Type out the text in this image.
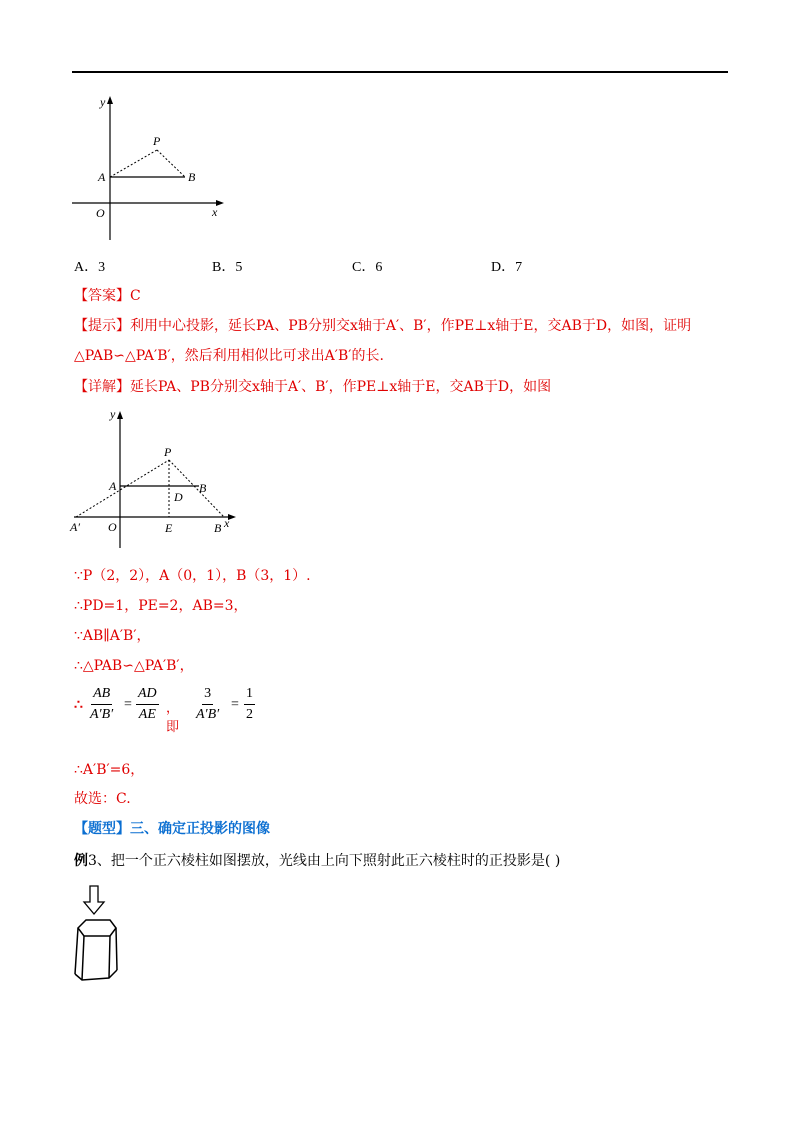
y
P
A	B
O	x
A．3	B．5	C．6	D．7
【答案】C
【提示】利用中心投影，延长PA、PB分别交x轴于A′、B′，作PE⊥x轴于E，交AB于D，如图，证明
△PAB∽△PA′B′，然后利用相似比可求出A′B′的长.
【详解】延长PA、PB分别交x轴于A′、B′，作PE⊥x轴于E，交AB于D，如图
y
P
A	B
D
A′ O	E	B x
∵P（2，2），A（0，1），B（3，1）.
∴PD=1，PE=2，AB=3，
∵AB∥A′B′，
∴△PAB∽△PA′B′，
∴ $\frac{AB}{A'B'} = \frac{AD}{AE}$ ，即
$\frac{3}{A'B'} = \frac{1}{2}$
∴A′B′=6，
故选：C.
【题型】三、确定正投影的图像
例3、把一个正六棱柱如图摆放，光线由上向下照射此正六棱柱时的正投影是( )
